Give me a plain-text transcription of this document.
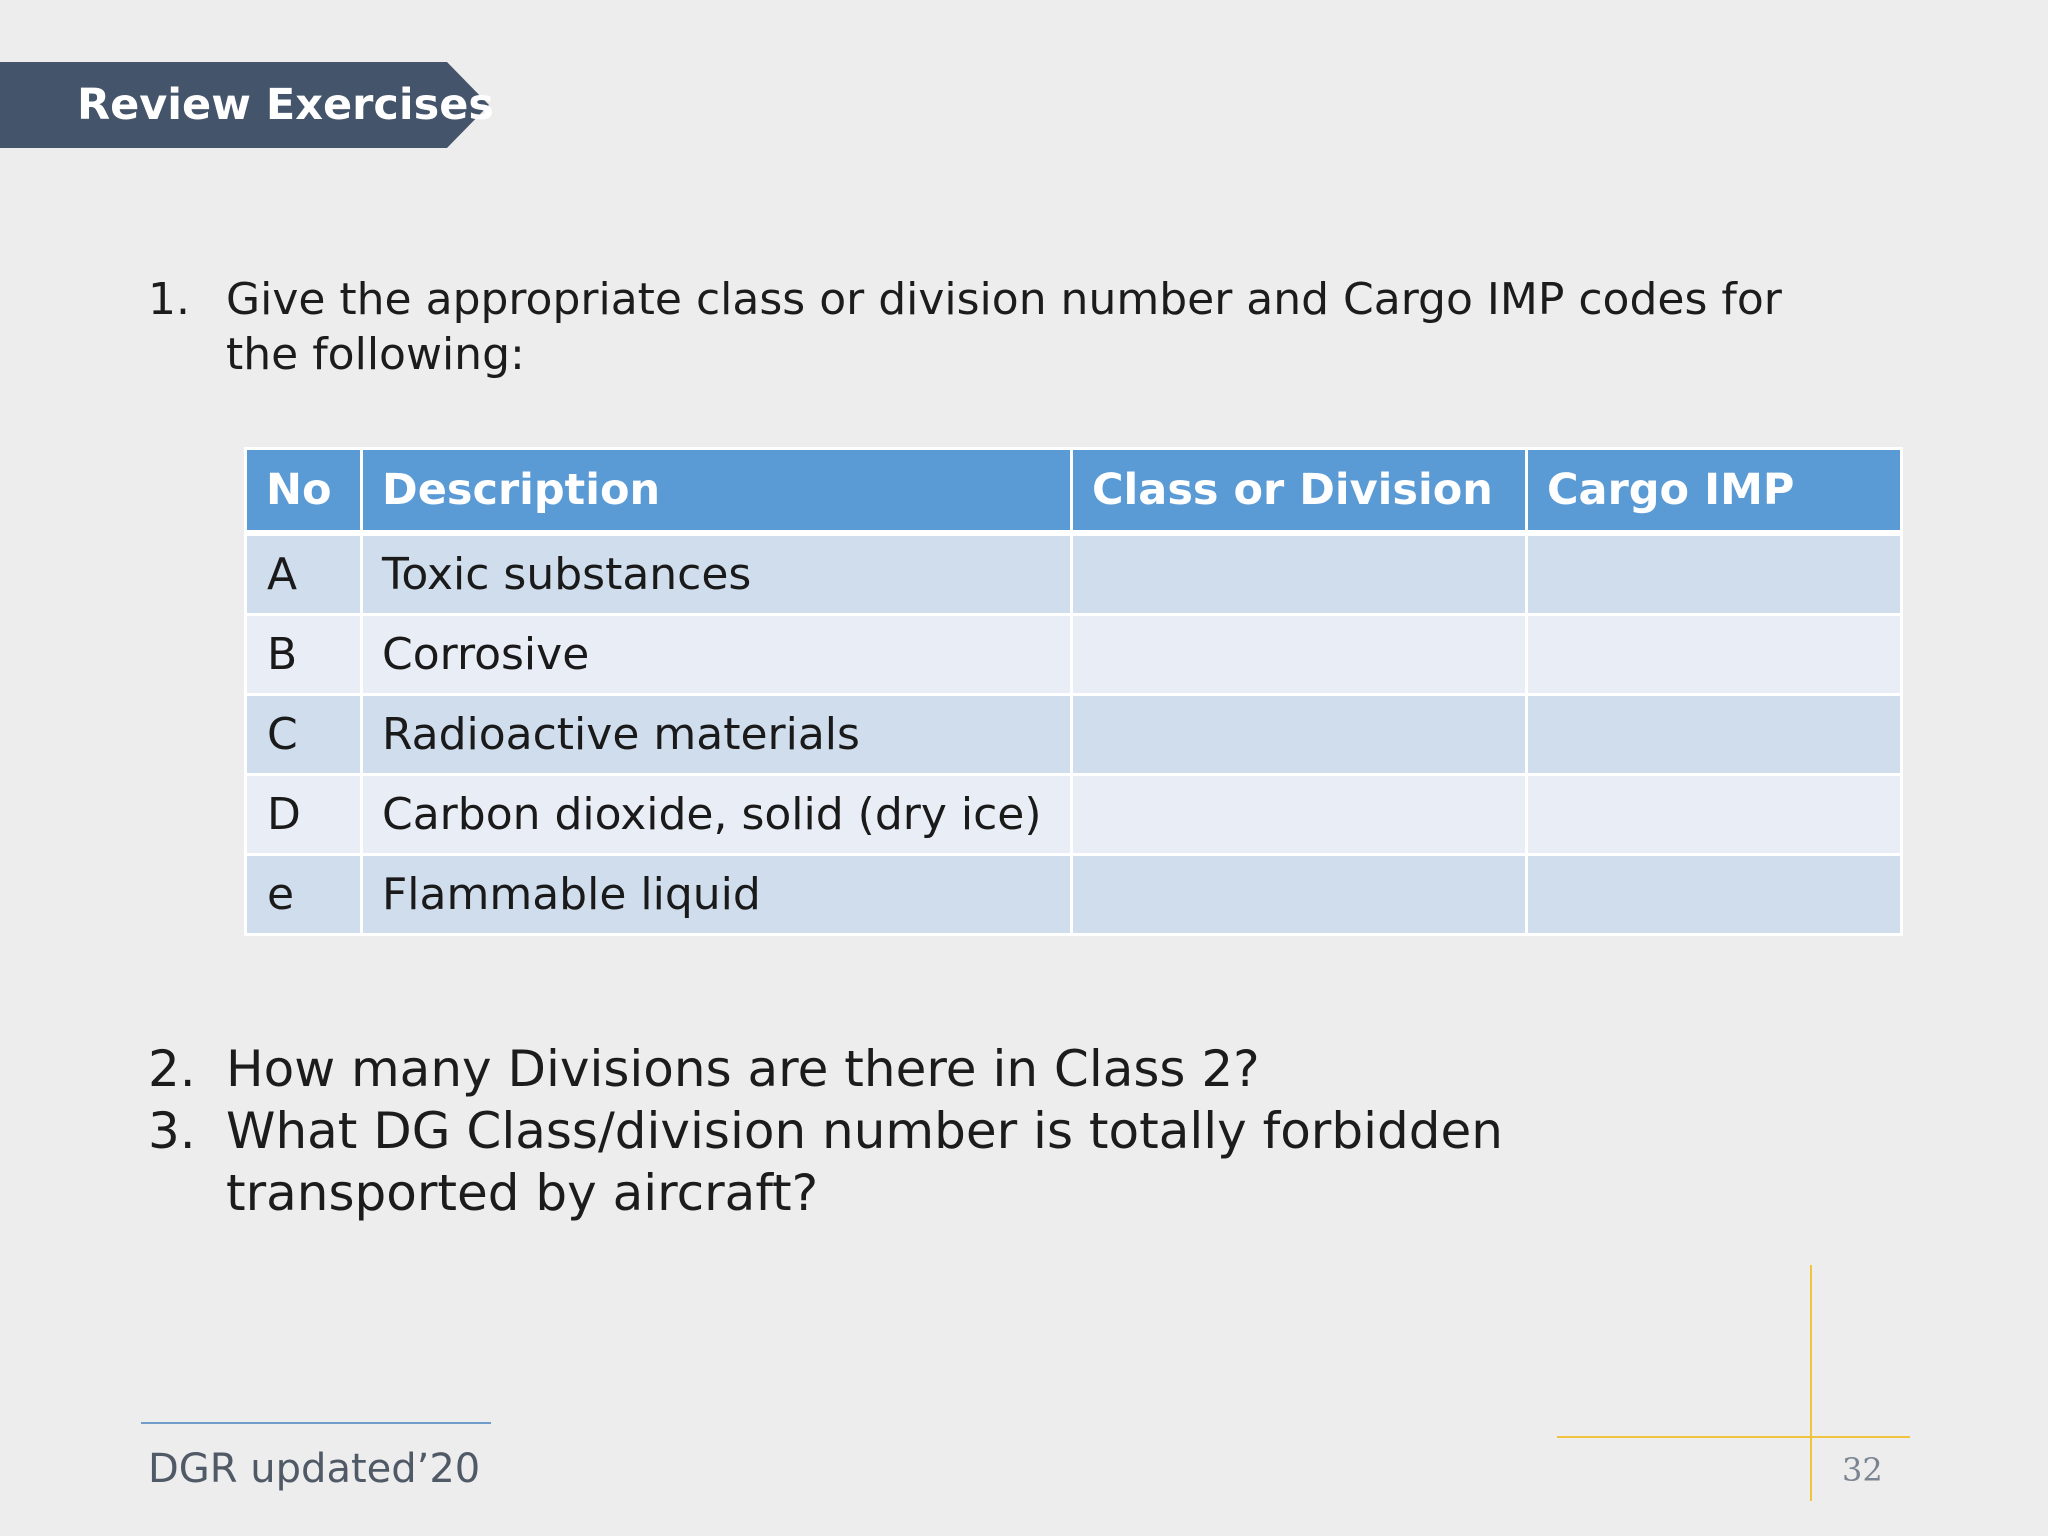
Review Exercises
1. Give the appropriate class or division number and Cargo IMP codes for the following:
No	Description	Class or Division	Cargo IMP
A	Toxic substances		
B	Corrosive		
C	Radioactive materials		
D	Carbon dioxide, solid (dry ice)		
e	Flammable liquid		
2. How many Divisions are there in Class 2?
3. What DG Class/division number is totally forbidden transported by aircraft?
DGR updated’20	32
